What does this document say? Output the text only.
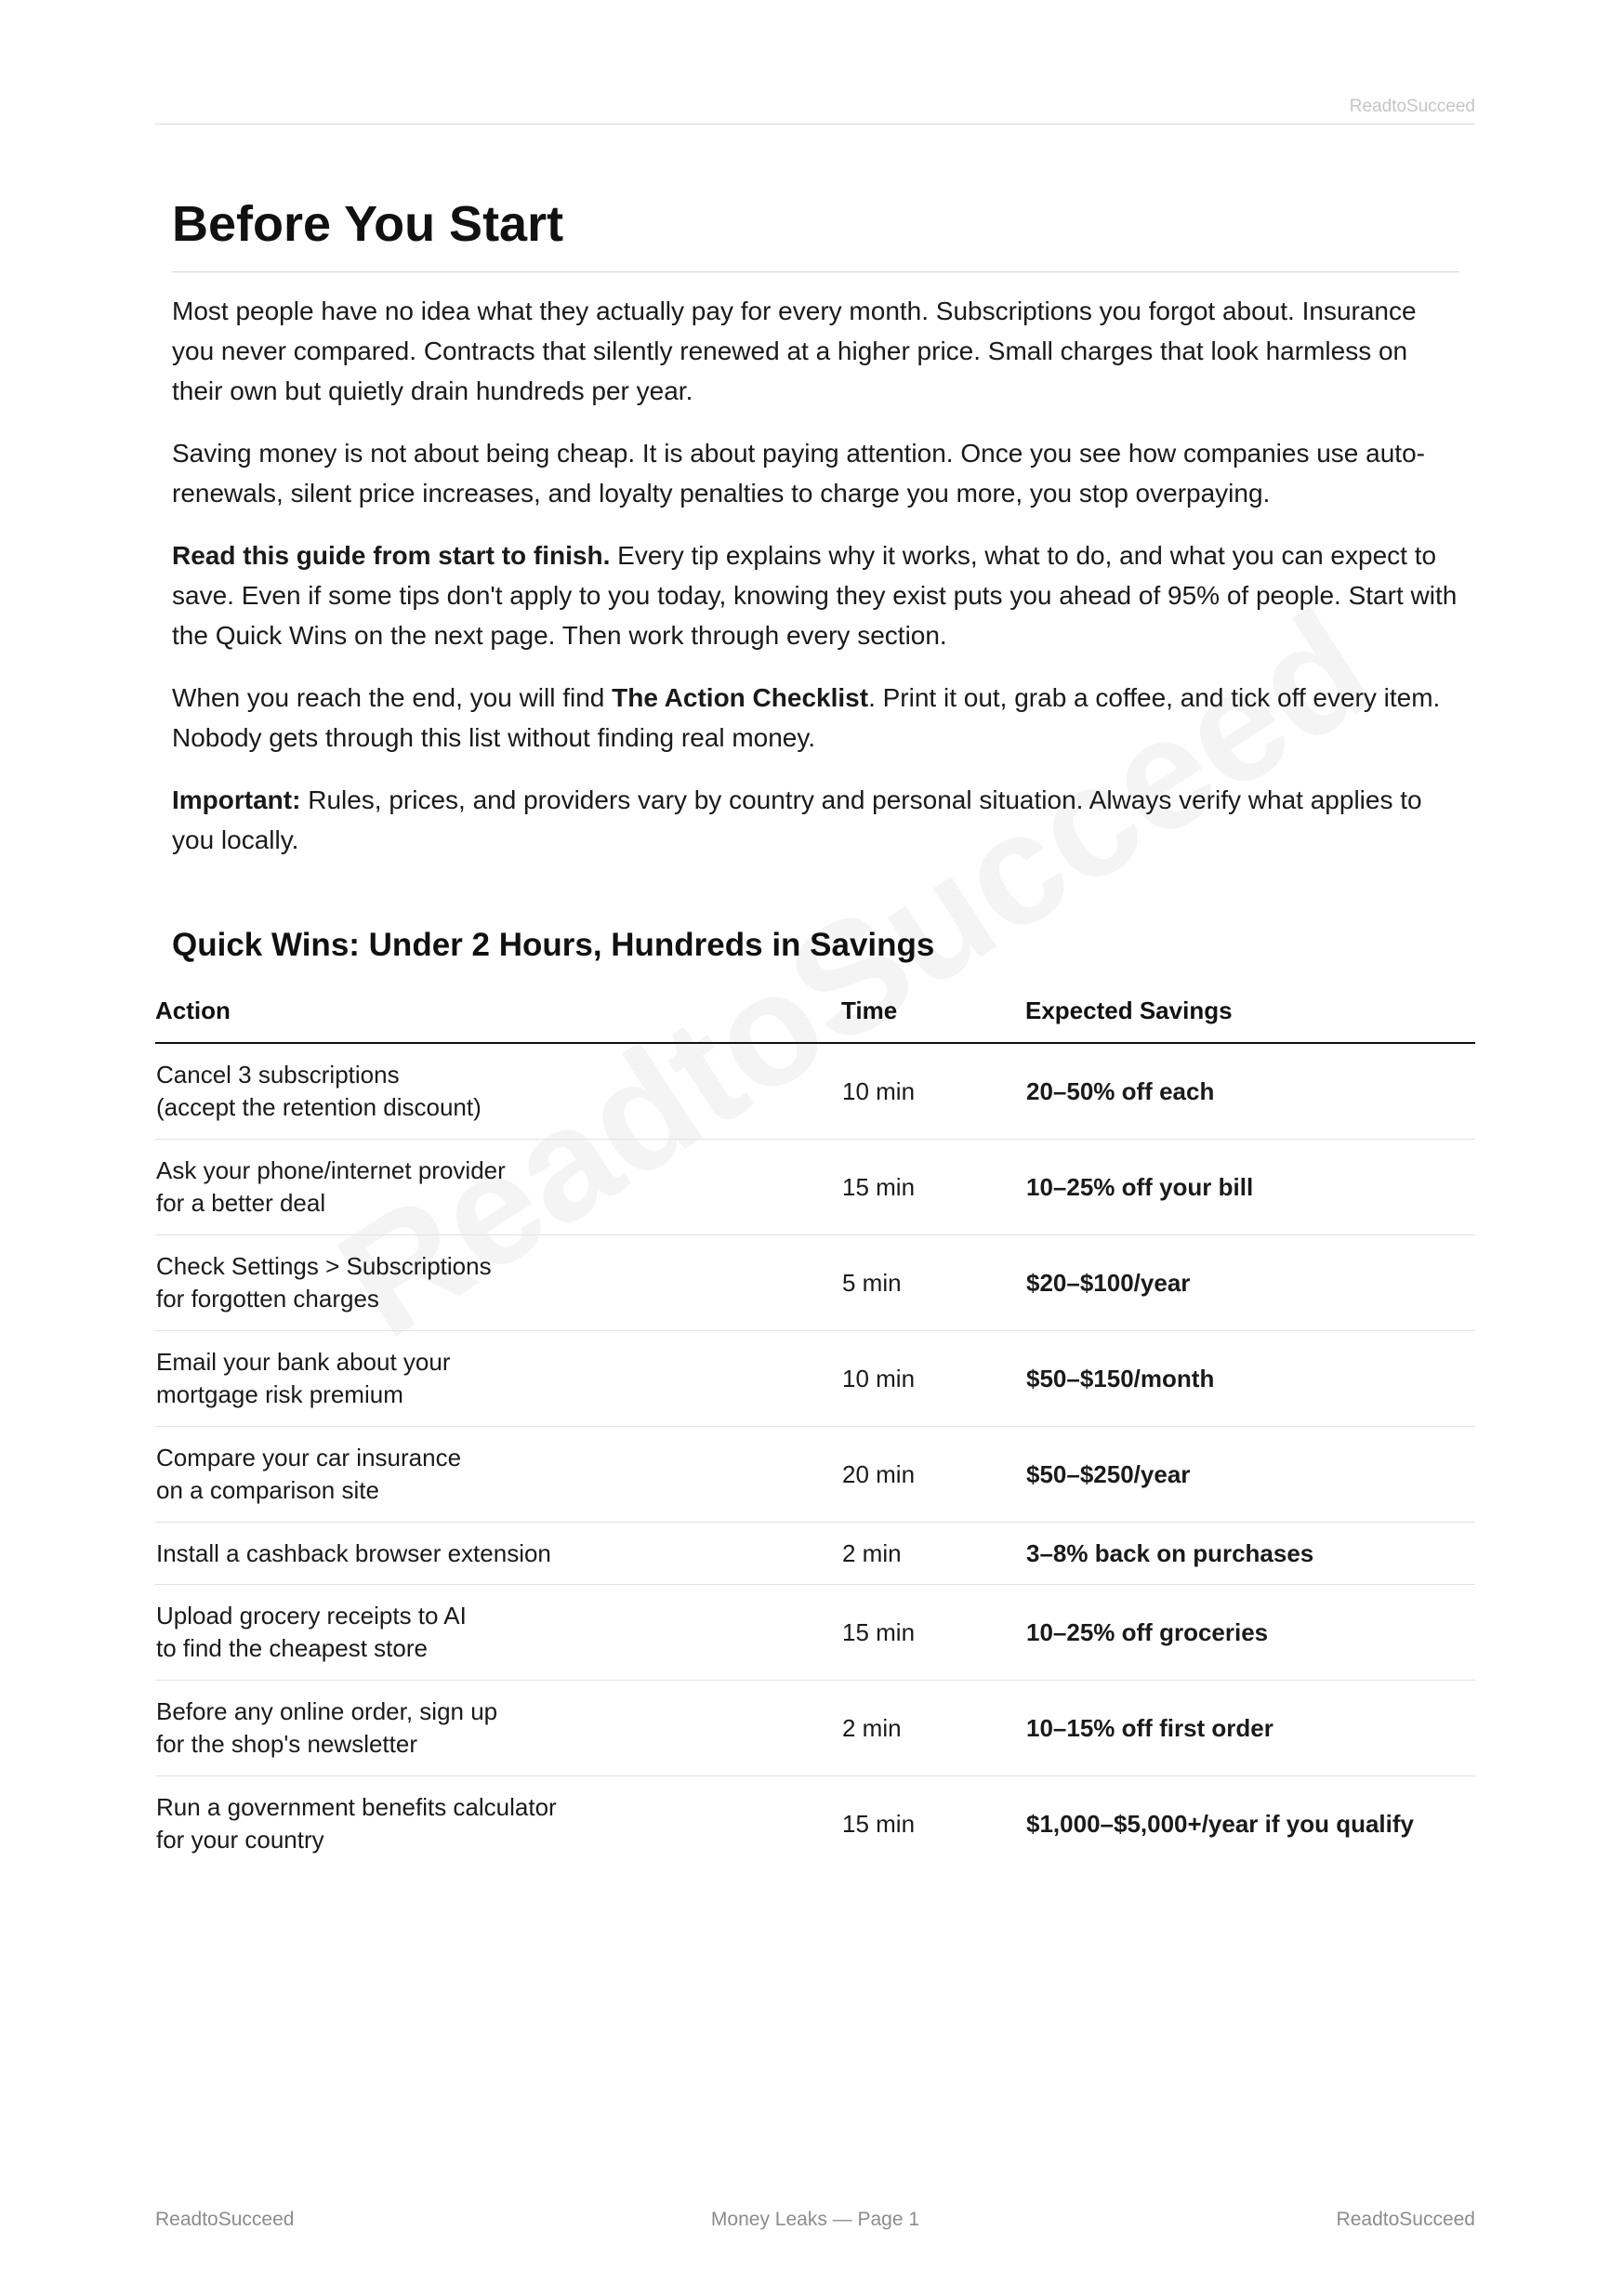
ReadtoSucceed
Before You Start

Most people have no idea what they actually pay for every month. Subscriptions you forgot about. Insurance you never compared. Contracts that silently renewed at a higher price. Small charges that look harmless on their own but quietly drain hundreds per year.

Saving money is not about being cheap. It is about paying attention. Once you see how companies use auto-renewals, silent price increases, and loyalty penalties to charge you more, you stop overpaying.

Read this guide from start to finish. Every tip explains why it works, what to do, and what you can expect to save. Even if some tips don't apply to you today, knowing they exist puts you ahead of 95% of people. Start with the Quick Wins on the next page. Then work through every section.

When you reach the end, you will find The Action Checklist. Print it out, grab a coffee, and tick off every item. Nobody gets through this list without finding real money.

Important: Rules, prices, and providers vary by country and personal situation. Always verify what applies to you locally.

Quick Wins: Under 2 Hours, Hundreds in Savings
Action	Time	Expected Savings

Cancel 3 subscriptions
(accept the retention discount)	10 min	20–50% off each

Ask your phone/internet provider
for a better deal	15 min	10–25% off your bill

Check Settings > Subscriptions
for forgotten charges	5 min	$20–$100/year

Email your bank about your
mortgage risk premium	10 min	$50–$150/month

Compare your car insurance
on a comparison site	20 min	$50–$250/year

Install a cashback browser extension	2 min	3–8% back on purchases

Upload grocery receipts to AI
to find the cheapest store	15 min	10–25% off groceries

Before any online order, sign up
for the shop's newsletter	2 min	10–15% off first order

Run a government benefits calculator
for your country	15 min	$1,000–$5,000+/year if you qualify
ReadtoSucceed	Money Leaks — Page 1	ReadtoSucceed
